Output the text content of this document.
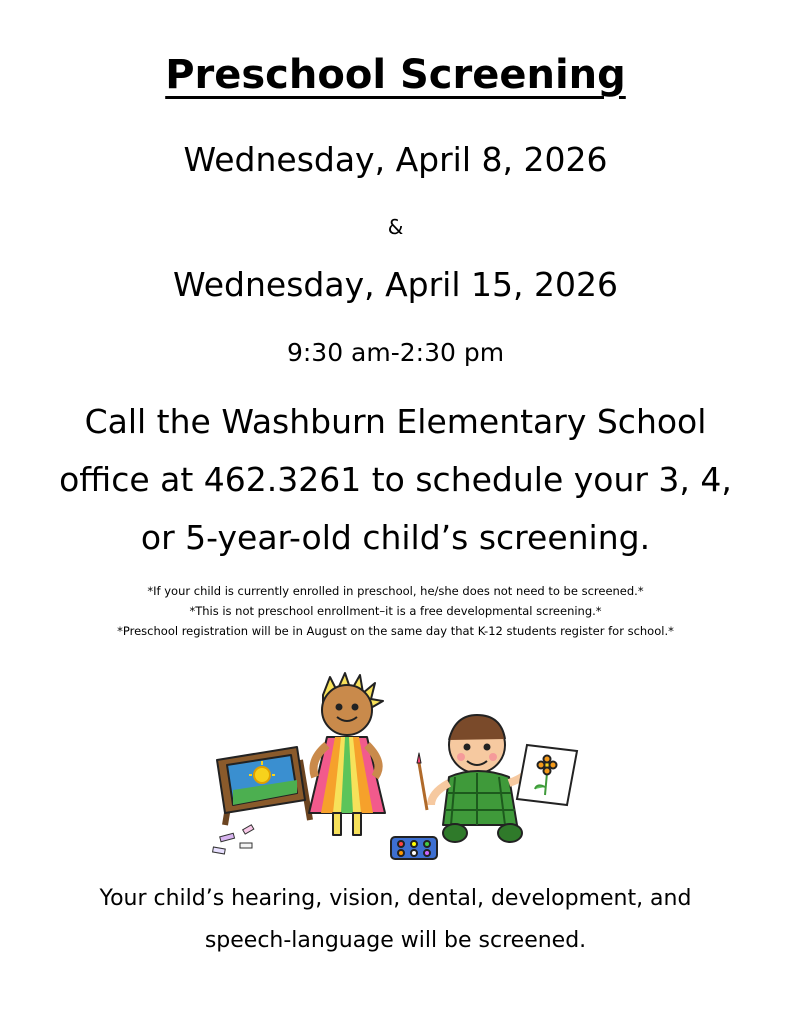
Preschool Screening
Wednesday, April 8, 2026
&
Wednesday, April 15, 2026
9:30 am-2:30 pm
Call the Washburn Elementary School
office at 462.3261 to schedule your 3, 4,
or 5-year-old child’s screening.
*If your child is currently enrolled in preschool, he/she does not need to be screened.*
*This is not preschool enrollment–it is a free developmental screening.*
*Preschool registration will be in August on the same day that K-12 students register for school.*
Your child’s hearing, vision, dental, development, and
speech-language will be screened.
